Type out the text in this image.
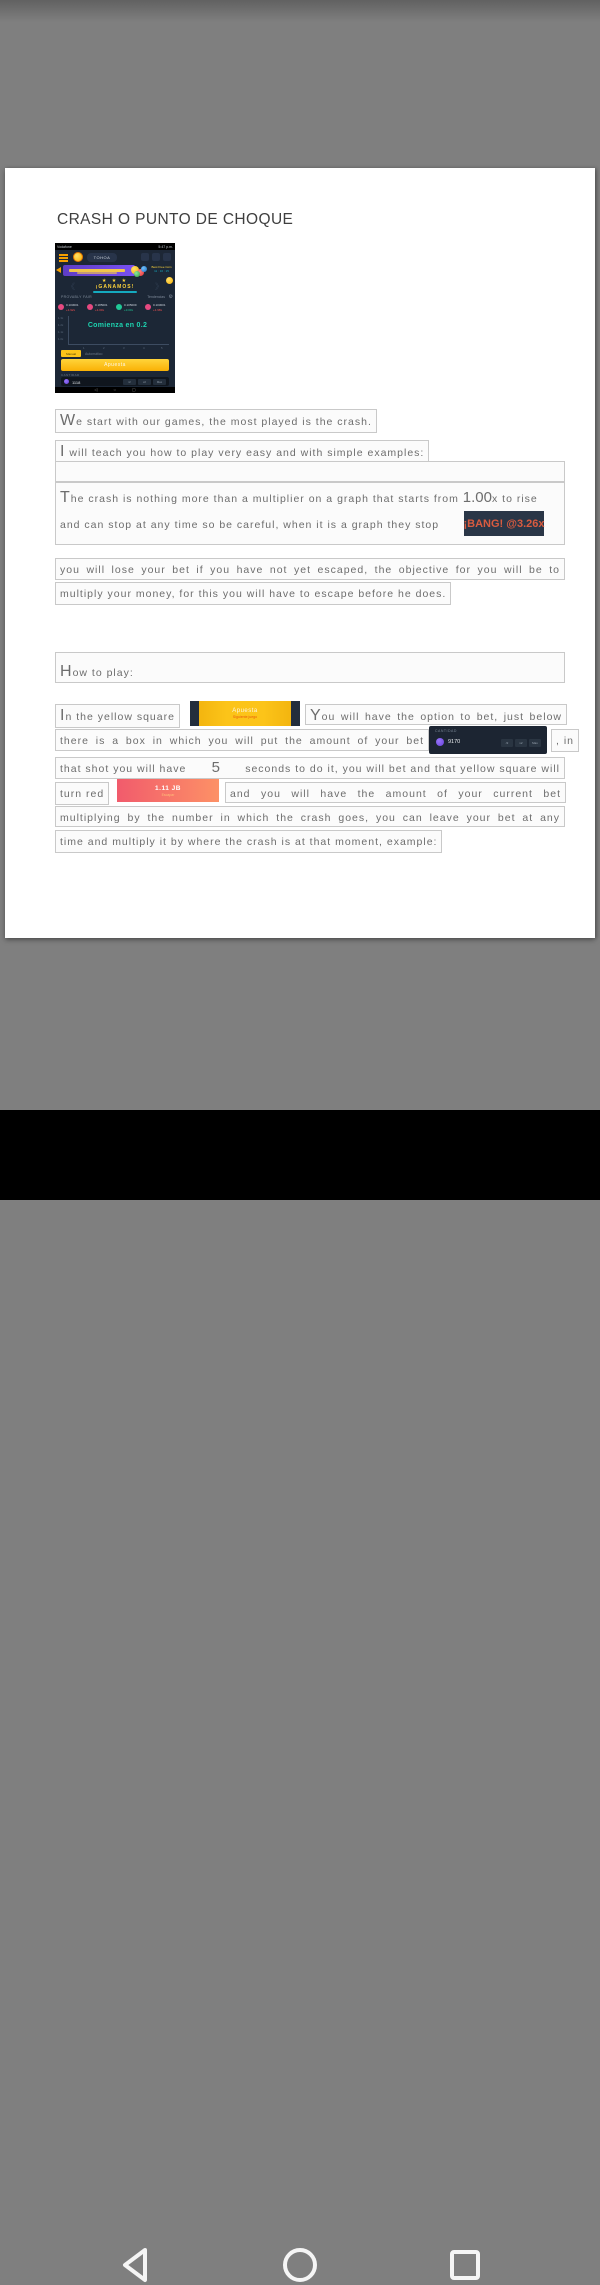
CRASH O PUNTO DE CHOQUE
Vodafone	5:47 p.m.
TOHOA
Best Free Coin
11 : 16 : 15
★ ★ ★
¡GANAMOS!
《	》
PROVABLY FAIR	Tendencias ⚙
0.103001
+1.92x
0.185001
+1.00x
0.105009
+3.00x
0.103001
+1.98x
1.3x
1.2x
1.1x
1.0x
1	2	3	4	5
Comienza en 0.2
Manual	Automático
Apuesta
CANTIDAD
1118	/2	x2	Max
◁	○	▢
We start with our games, the most played is the crash.
I will teach you how to play very easy and with simple examples:
The crash is nothing more than a multiplier on a graph that starts from 1.00x to rise
and can stop at any time so be careful, when it is a graph they stop ¡BANG! @3.26x
you will lose your bet if you have not yet escaped, the objective for you will be to
multiply your money, for this you will have to escape before he does.
How to play:
In the yellow square	Apuesta
Siguiente juego	You will have the option to bet, just below
there is a box in which you will put the amount of your bet
CANTIDAD
9170	/2	x2	Max	, in
that shot you will have 5 seconds to do it, you will bet and that yellow square will
turn red	1.11 JB
Escapar	and you will have the amount of your current bet
multiplying by the number in which the crash goes, you can leave your bet at any
time and multiply it by where the crash is at that moment, example:
